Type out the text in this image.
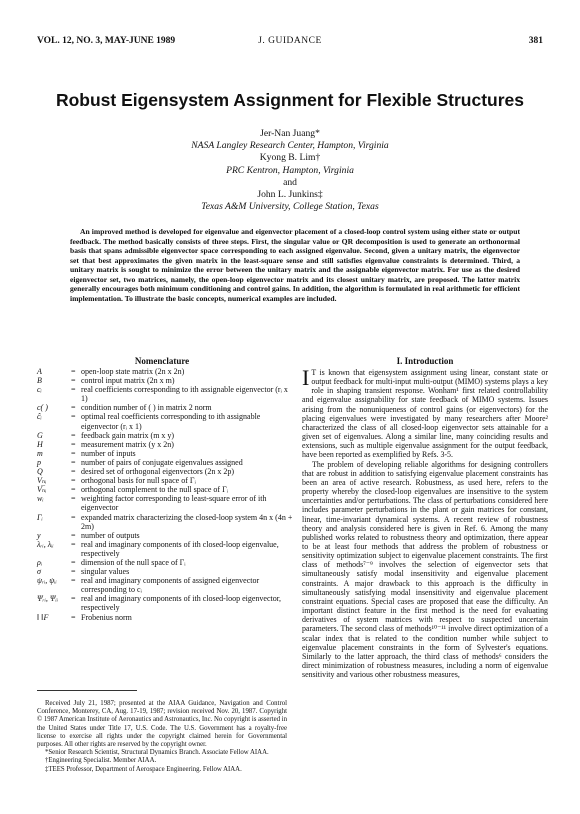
VOL. 12, NO. 3, MAY-JUNE 1989	J. GUIDANCE	381
Robust Eigensystem Assignment for Flexible Structures
Jer-Nan Juang*
NASA Langley Research Center, Hampton, Virginia
Kyong B. Lim†
PRC Kentron, Hampton, Virginia
and
John L. Junkins‡
Texas A&M University, College Station, Texas
An improved method is developed for eigenvalue and eigenvector placement of a closed-loop control system using either state or output feedback. The method basically consists of three steps. First, the singular value or QR decomposition is used to generate an orthonormal basis that spans admissible eigenvector space corresponding to each assigned eigenvalue. Second, given a unitary matrix, the eigenvector set that best approximates the given matrix in the least-square sense and still satisfies eigenvalue constraints is determined. Third, a unitary matrix is sought to minimize the error between the unitary matrix and the assignable eigenvector matrix. For use as the desired eigenvector set, two matrices, namely, the open-loop eigenvector matrix and its closest unitary matrix, are proposed. The latter matrix generally encourages both minimum conditioning and control gains. In addition, the algorithm is formulated in real arithmetic for efficient implementation. To illustrate the basic concepts, numerical examples are included.
Nomenclature
A	= open-loop state matrix (2n x 2n)
B	= control input matrix (2n x m)
cᵢ	= real coefficients corresponding to ith assignable eigenvector (rᵢ x 1)
c( )	= condition number of ( ) in matrix 2 norm
ĉᵢ	= optimal real coefficients corresponding to ith assignable eigenvector (rᵢ x 1)
G	= feedback gain matrix (m x y)
H	= measurement matrix (y x 2n)
m	= number of inputs
p	= number of pairs of conjugate eigenvalues assigned
Q	= desired set of orthogonal eigenvectors (2n x 2p)
Vₙᵢ	= orthogonal basis for null space of Γᵢ
Vₙ̅ᵢ	= orthogonal complement to the null space of Γᵢ
wᵢ	= weighting factor corresponding to least-square error of ith eigenvector
Γᵢ	= expanded matrix characterizing the closed-loop system 4n x (4n + 2m)
y	= number of outputs
λᵣᵢ, λᵢᵢ	= real and imaginary components of ith closed-loop eigenvalue, respectively
ρᵢ	= dimension of the null space of Γᵢ
σ	= singular values
ψᵣᵢ, ψᵢᵢ	= real and imaginary components of assigned eigenvector corresponding to cᵢ
Ψᵣᵢ, Ψᵢᵢ	= real and imaginary components of ith closed-loop eigenvector, respectively
‖ ‖F	= Frobenius norm

Received July 21, 1987; presented at the AIAA Guidance, Navigation and Control Conference, Monterey, CA, Aug. 17-19, 1987; revision received Nov. 20, 1987. Copyright © 1987 American Institute of Aeronautics and Astronautics, Inc. No copyright is asserted in the United States under Title 17, U.S. Code. The U.S. Government has a royalty-free license to exercise all rights under the copyright claimed herein for Governmental purposes. All other rights are reserved by the copyright owner.

*Senior Research Scientist, Structural Dynamics Branch. Associate Fellow AIAA.

†Engineering Specialist. Member AIAA.

‡TEES Professor, Department of Aerospace Engineering. Fellow AIAA.

I. Introduction

I T is known that eigensystem assignment using linear, constant state or output feedback for multi-input multi-output (MIMO) systems plays a key role in shaping transient response. Wonham¹ first related controllability and eigenvalue assignability for state feedback of MIMO systems. Issues arising from the nonuniqueness of control gains (or eigenvectors) for the placing eigenvalues were investigated by many researchers after Moore² characterized the class of all closed-loop eigenvector sets attainable for a given set of eigenvalues. Along a similar line, many coinciding results and extensions, such as multiple eigenvalue assignment for the output feedback, have been reported as exemplified by Refs. 3-5.

The problem of developing reliable algorithms for designing controllers that are robust in addition to satisfying eigenvalue placement constraints has been an area of active research. Robustness, as used here, refers to the property whereby the closed-loop eigenvalues are insensitive to the system uncertainties and/or perturbations. The class of perturbations considered here includes parameter perturbations in the plant or gain matrices for constant, linear, time-invariant dynamical systems. A recent review of robustness theory and analysis considered here is given in Ref. 6. Among the many published works related to robustness theory and optimization, there appear to be at least four methods that address the problem of robustness or sensitivity optimization subject to eigenvalue placement constraints. The first class of methods⁷⁻⁹ involves the selection of eigenvector sets that simultaneously satisfy modal insensitivity and eigenvalue placement constraints. A major drawback to this approach is the difficulty in simultaneously satisfying modal insensitivity and eigenvalue placement constraint equations. Special cases are proposed that ease the difficulty. An important distinct feature in the first method is the need for evaluating derivatives of system matrices with respect to suspected uncertain parameters. The second class of methods¹⁰⁻¹¹ involve direct optimization of a scalar index that is related to the condition number while subject to eigenvalue placement constraints in the form of Sylvester's equations. Similarly to the latter approach, the third class of methods⁶ considers the direct minimization of robustness measures, including a norm of eigenvalue sensitivity and various other robustness measures,
